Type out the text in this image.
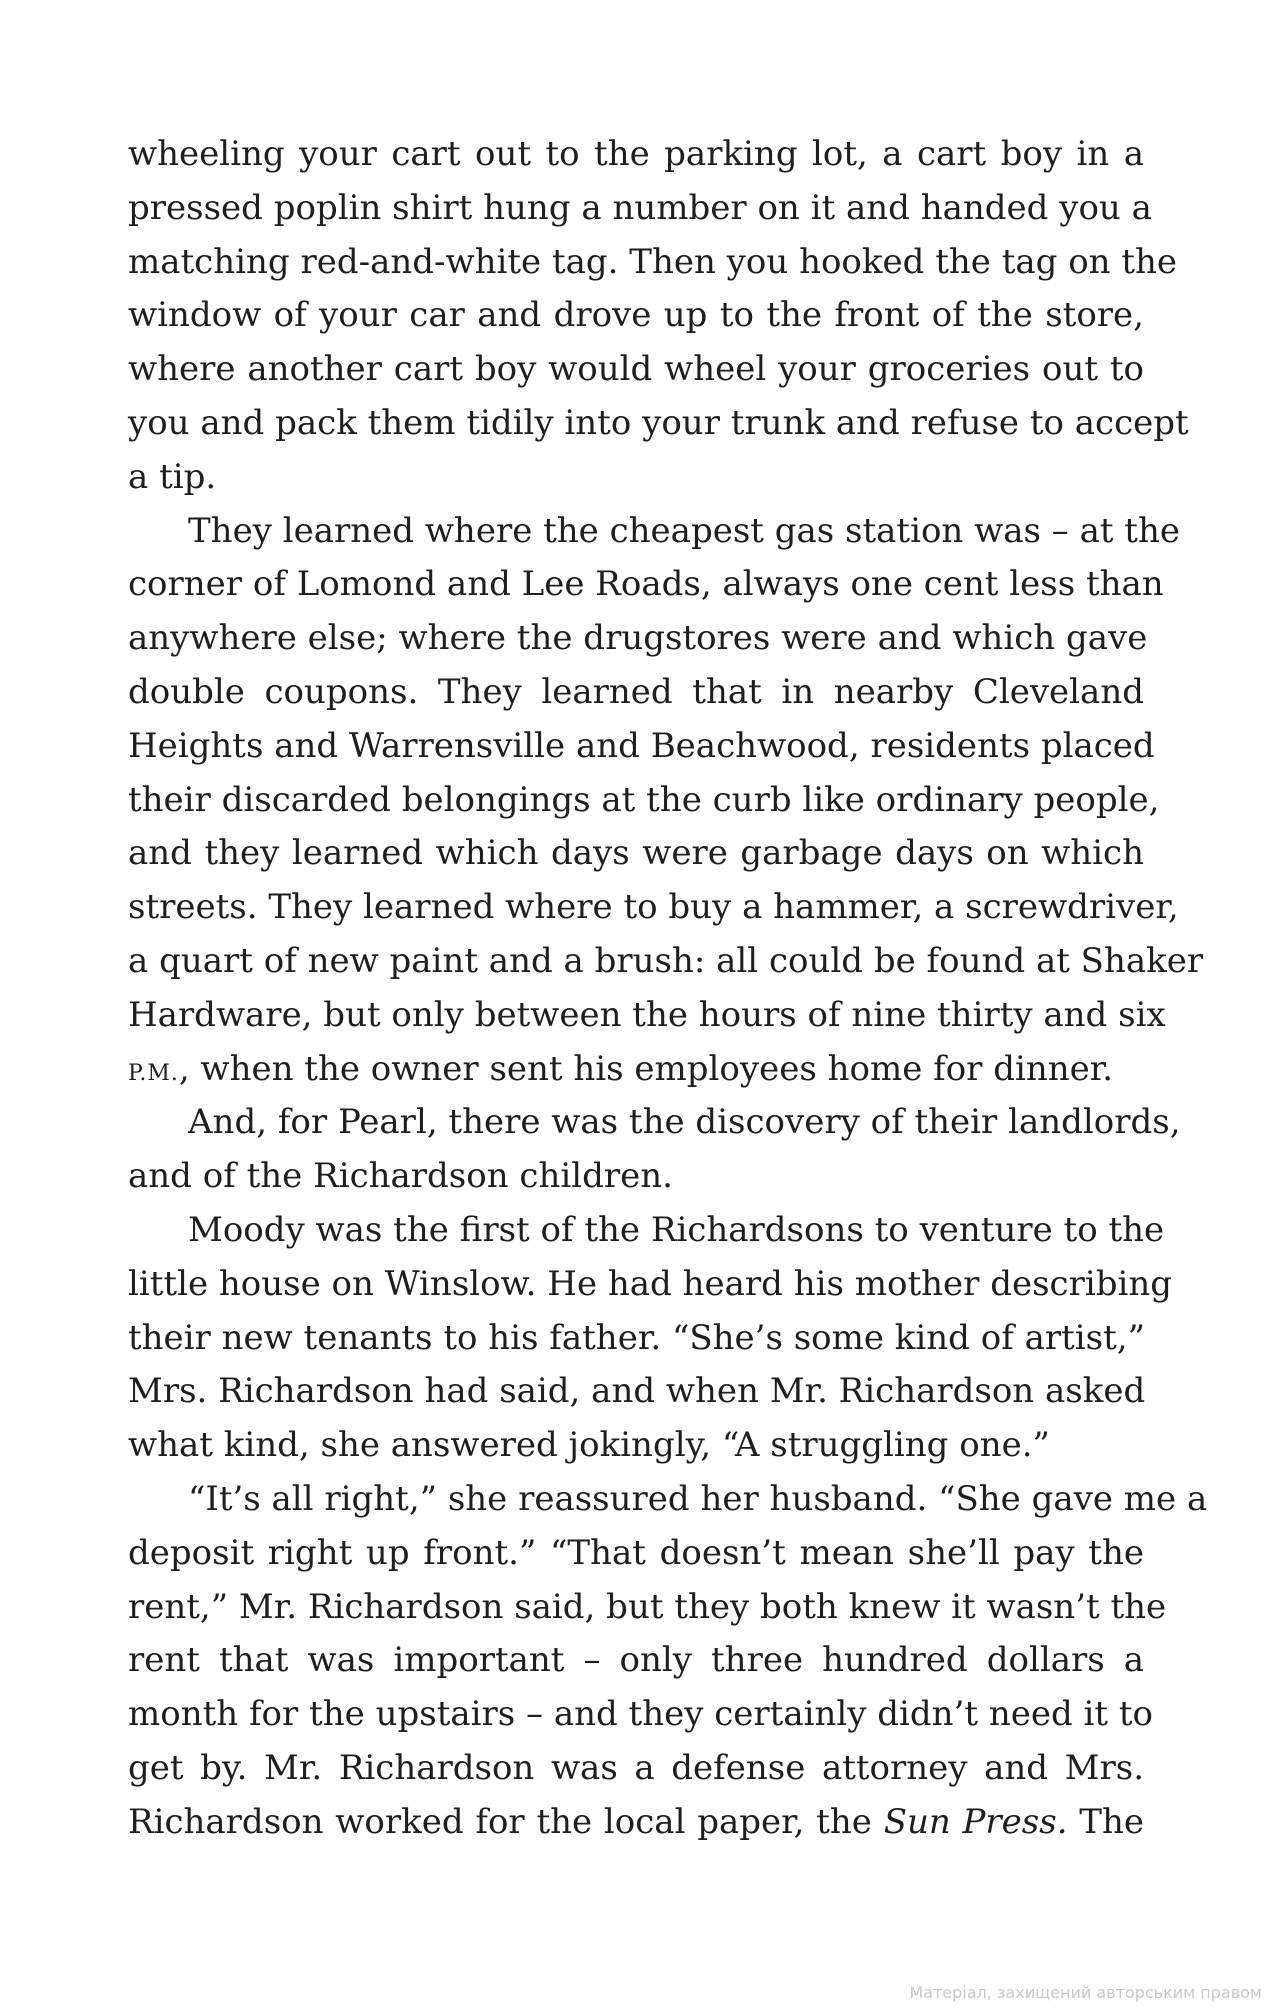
wheeling your cart out to the parking lot, a cart boy in a
pressed poplin shirt hung a number on it and handed you a
matching red-and-white tag. Then you hooked the tag on the
window of your car and drove up to the front of the store,
where another cart boy would wheel your groceries out to
you and pack them tidily into your trunk and refuse to accept
a tip.

They learned where the cheapest gas station was – at the
corner of Lomond and Lee Roads, always one cent less than
anywhere else; where the drugstores were and which gave
double coupons. They learned that in nearby Cleveland
Heights and Warrensville and Beachwood, residents placed
their discarded belongings at the curb like ordinary people,
and they learned which days were garbage days on which
streets. They learned where to buy a hammer, a screwdriver,
a quart of new paint and a brush: all could be found at Shaker
Hardware, but only between the hours of nine thirty and six
P.M., when the owner sent his employees home for dinner.

And, for Pearl, there was the discovery of their landlords,
and of the Richardson children.

Moody was the first of the Richardsons to venture to the
little house on Winslow. He had heard his mother describing
their new tenants to his father. “She’s some kind of artist,”
Mrs. Richardson had said, and when Mr. Richardson asked
what kind, she answered jokingly, “A struggling one.”

“It’s all right,” she reassured her husband. “She gave me a
deposit right up front.” “That doesn’t mean she’ll pay the
rent,” Mr. Richardson said, but they both knew it wasn’t the
rent that was important – only three hundred dollars a
month for the upstairs – and they certainly didn’t need it to
get by. Mr. Richardson was a defense attorney and Mrs.
Richardson worked for the local paper, the Sun Press. The

Матеріал, захищений авторським правом
